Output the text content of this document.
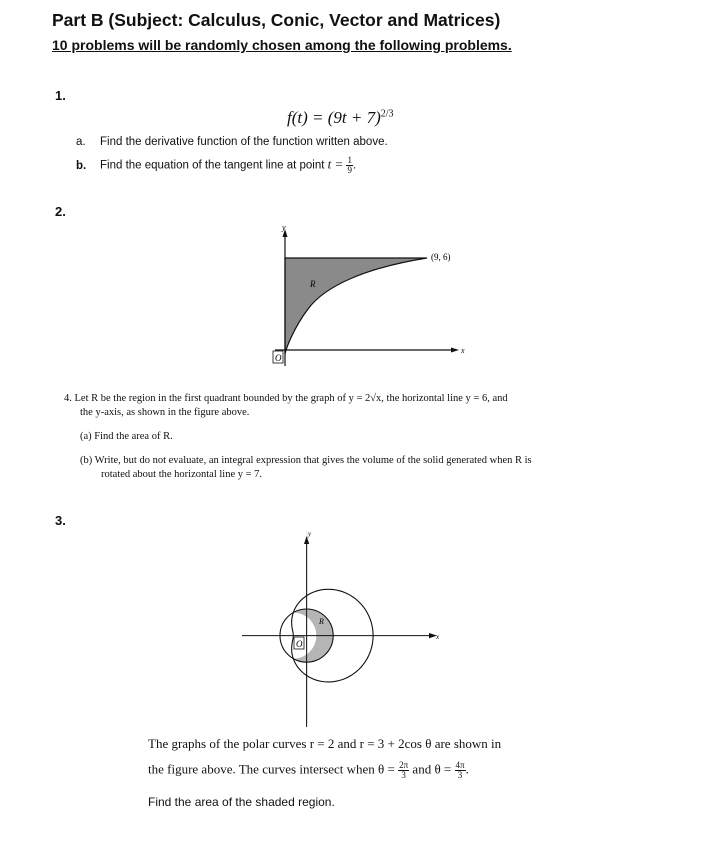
Part B (Subject: Calculus, Conic, Vector and Matrices)
10 problems will be randomly chosen among the following problems.
1.
$f(t) = (9t + 7)^{2/3}$
a. Find the derivative function of the function written above.
b. Find the equation of the tangent line at point $t = \frac{1}{9}$ .
2.
y
x
O
R
(9, 6)
4. Let R be the region in the first quadrant bounded by the graph of y = 2√x, the horizontal line y = 6, and
the y-axis, as shown in the figure above.
(a) Find the area of R.
(b) Write, but do not evaluate, an integral expression that gives the volume of the solid generated when R is
rotated about the horizontal line y = 7.
3.
y
x
O
R
The graphs of the polar curves r = 2 and r = 3 + 2cos θ are shown in
the figure above. The curves intersect when $\theta = \frac{2\pi}{3}$ and $\theta = \frac{4\pi}{3}$ .
Find the area of the shaded region.
